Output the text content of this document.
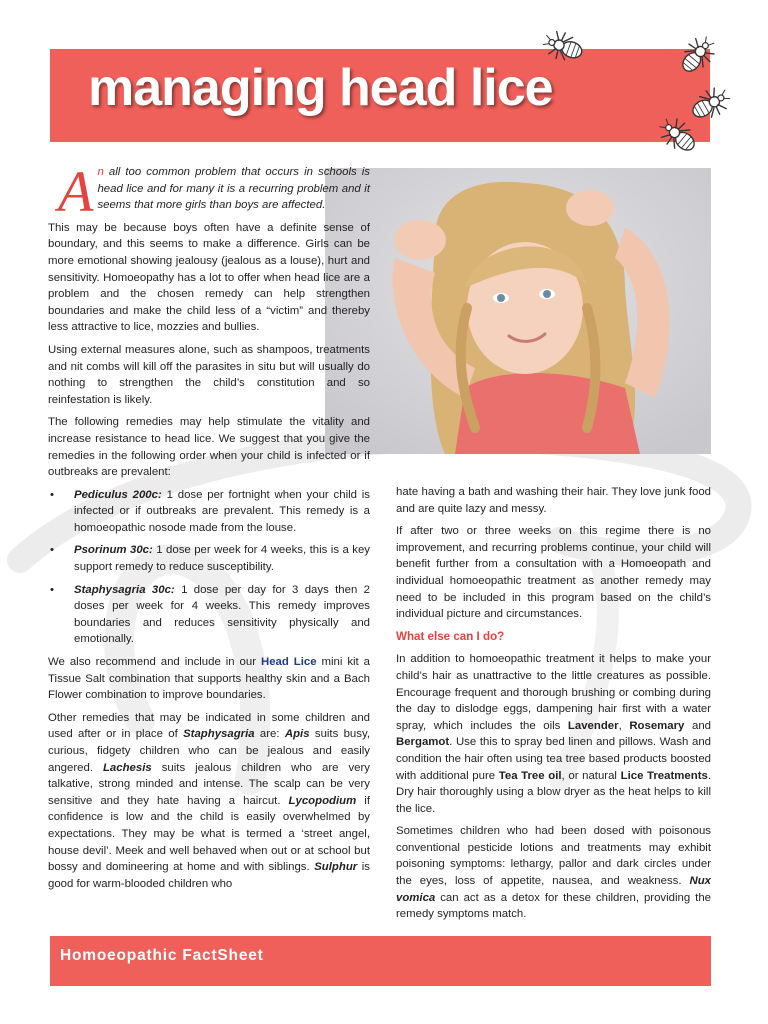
managing head lice

A n all too common problem that occurs in schools is head lice and for many it is a recurring problem and it seems that more girls than boys are affected.

This may be because boys often have a definite sense of boundary, and this seems to make a difference. Girls can be more emotional showing jealousy (jealous as a louse), hurt and sensitivity. Homoeopathy has a lot to offer when head lice are a problem and the chosen remedy can help strengthen boundaries and make the child less of a “victim” and thereby less attractive to lice, mozzies and bullies.

Using external measures alone, such as shampoos, treatments and nit combs will kill off the parasites in situ but will usually do nothing to strengthen the child’s constitution and so reinfestation is likely.

The following remedies may help stimulate the vitality and increase resistance to head lice. We suggest that you give the remedies in the following order when your child is infected or if outbreaks are prevalent:

• Pediculus 200c: 1 dose per fortnight when your child is infected or if outbreaks are prevalent. This remedy is a homoeopathic nosode made from the louse.
• Psorinum 30c: 1 dose per week for 4 weeks, this is a key support remedy to reduce susceptibility.
• Staphysagria 30c: 1 dose per day for 3 days then 2 doses per week for 4 weeks. This remedy improves boundaries and reduces sensitivity physically and emotionally.

We also recommend and include in our Head Lice mini kit a Tissue Salt combination that supports healthy skin and a Bach Flower combination to improve boundaries.

Other remedies that may be indicated in some children and used after or in place of Staphysagria are: Apis suits busy, curious, fidgety children who can be jealous and easily angered. Lachesis suits jealous children who are very talkative, strong minded and intense. The scalp can be very sensitive and they hate having a haircut. Lycopodium if confidence is low and the child is easily overwhelmed by expectations. They may be what is termed a ‘street angel, house devil’. Meek and well behaved when out or at school but bossy and domineering at home and with siblings. Sulphur is good for warm-blooded children who

hate having a bath and washing their hair. They love junk food and are quite lazy and messy.

If after two or three weeks on this regime there is no improvement, and recurring problems continue, your child will benefit further from a consultation with a Homoeopath and individual homoeopathic treatment as another remedy may need to be included in this program based on the child’s individual picture and circumstances.

What else can I do?

In addition to homoeopathic treatment it helps to make your child’s hair as unattractive to the little creatures as possible. Encourage frequent and thorough brushing or combing during the day to dislodge eggs, dampening hair first with a water spray, which includes the oils Lavender, Rosemary and Bergamot. Use this to spray bed linen and pillows. Wash and condition the hair often using tea tree based products boosted with additional pure Tea Tree oil, or natural Lice Treatments. Dry hair thoroughly using a blow dryer as the heat helps to kill the lice.

Sometimes children who had been dosed with poisonous conventional pesticide lotions and treatments may exhibit poisoning symptoms: lethargy, pallor and dark circles under the eyes, loss of appetite, nausea, and weakness. Nux vomica can act as a detox for these children, providing the remedy symptoms match.

Homoeopathic FactSheet
